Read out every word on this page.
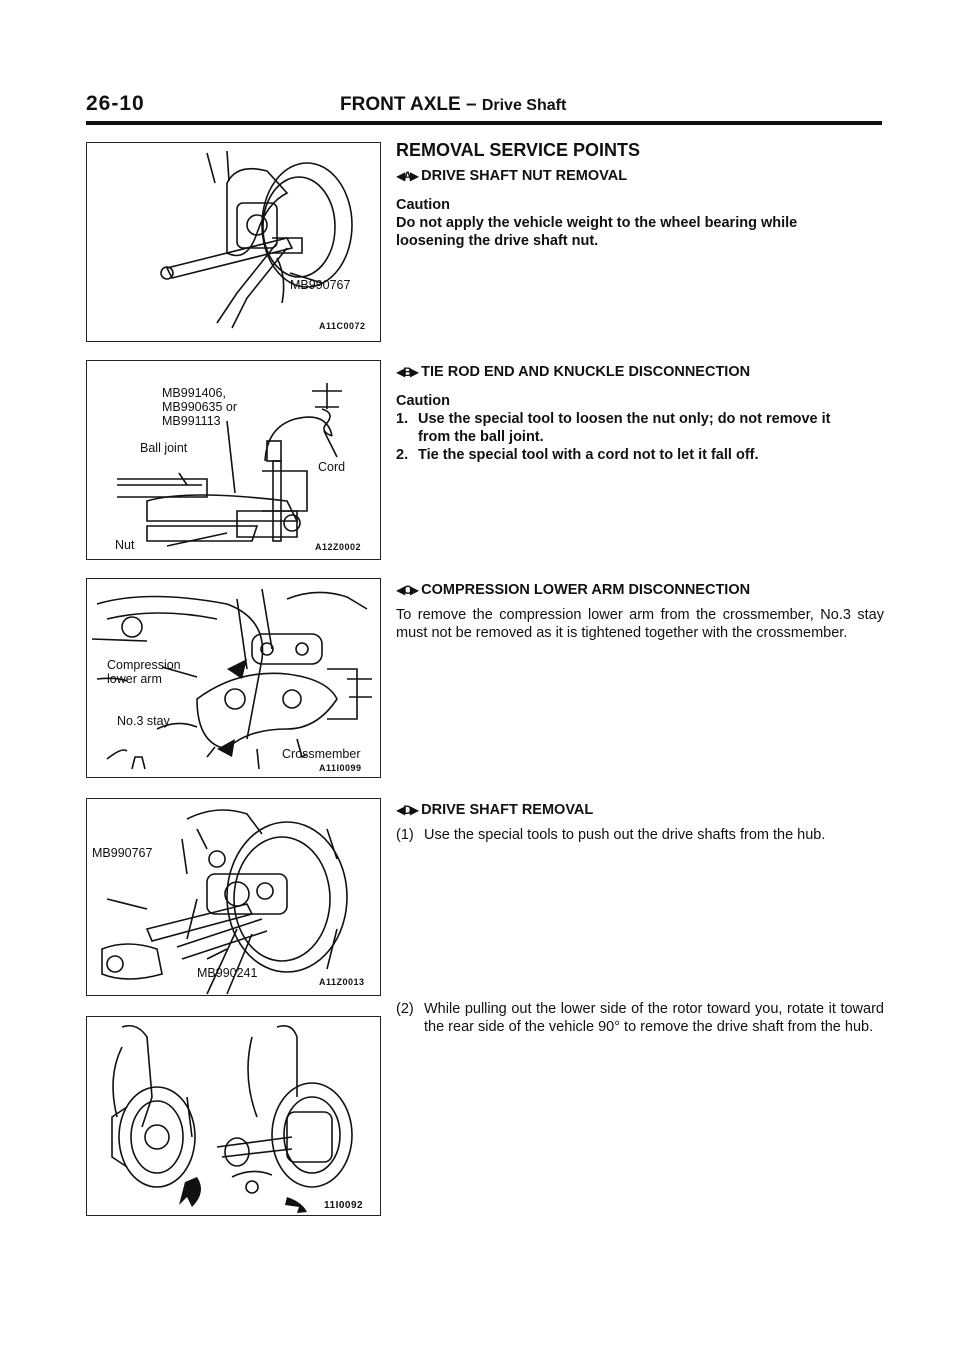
26-10	FRONT AXLE – Drive Shaft
MB990767
A11C0072
MB991406,
MB990635 or
MB991113
Ball joint
Cord
Nut	A12Z0002
Compression
lower arm
No.3 stay
Crossmember
A11I0099
MB990767
MB990241
A11Z0013
11I0092
REMOVAL SERVICE POINTS
◀A▶ DRIVE SHAFT NUT REMOVAL
Caution
Do not apply the vehicle weight to the wheel bearing while loosening the drive shaft nut.
◀B▶ TIE ROD END AND KNUCKLE DISCONNECTION
Caution
1. Use the special tool to loosen the nut only; do not remove it from the ball joint.
2. Tie the special tool with a cord not to let it fall off.
◀C▶ COMPRESSION LOWER ARM DISCONNECTION
To remove the compression lower arm from the crossmember, No.3 stay must not be removed as it is tightened together with the crossmember.
◀D▶ DRIVE SHAFT REMOVAL
(1) Use the special tools to push out the drive shafts from the hub.
(2) While pulling out the lower side of the rotor toward you, rotate it toward the rear side of the vehicle 90° to remove the drive shaft from the hub.
